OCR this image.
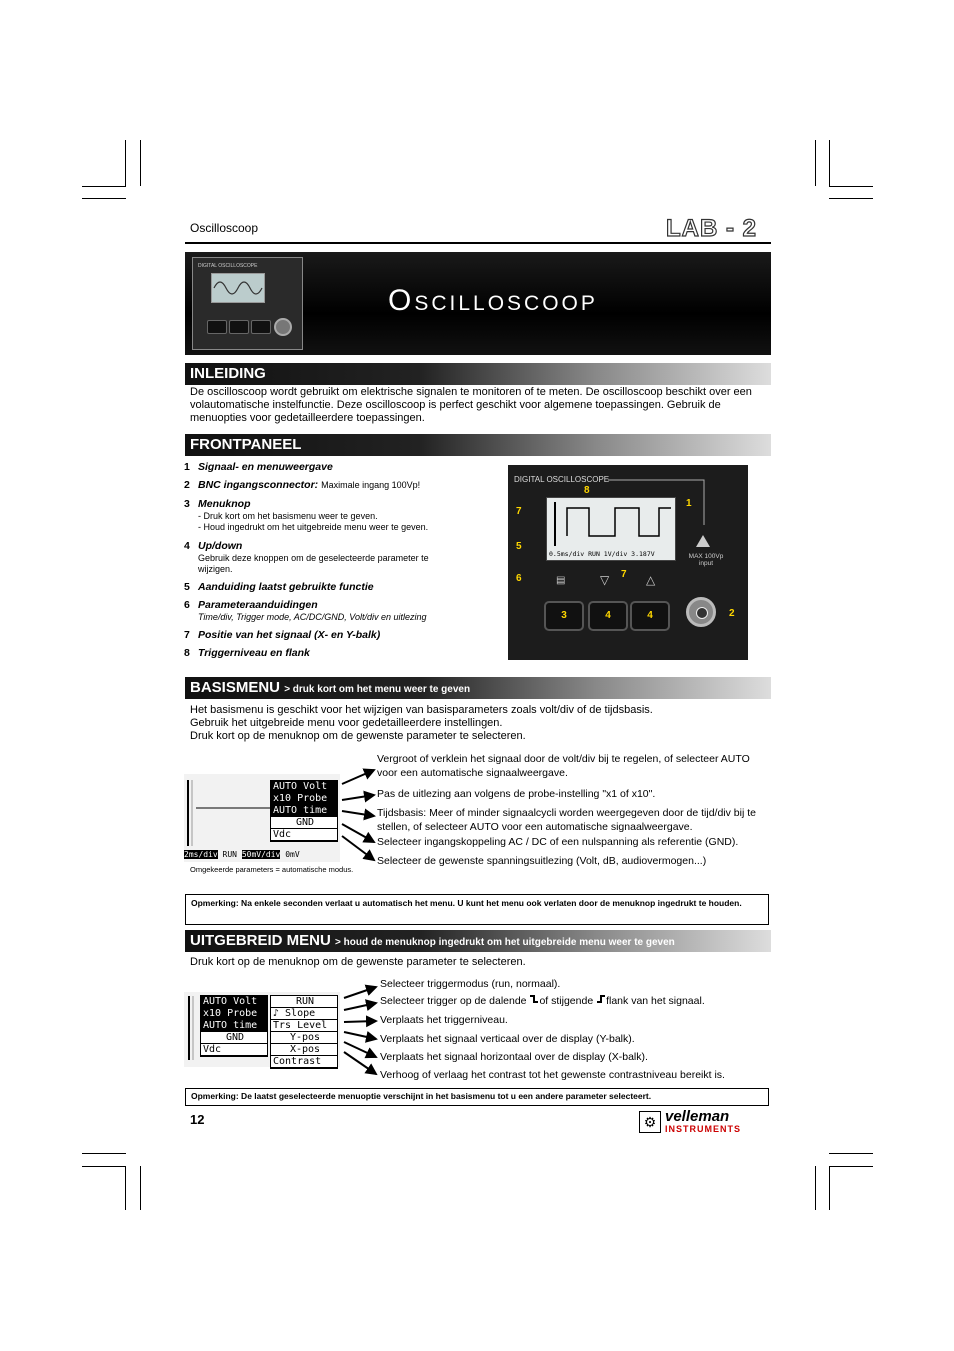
Oscilloscoop	LAB - 2
DIGITAL OSCILLOSCOPE
Oscilloscoop
INLEIDING
De oscilloscoop wordt gebruikt om elektrische signalen te monitoren of te meten. De oscilloscoop beschikt over een volautomatische instelfunctie. Deze oscilloscoop is perfect geschikt voor algemene toepassingen. Gebruik de menuopties voor gedetailleerdere toepassingen.
FRONTPANEEL
1 Signaal- en menuweergave
2 BNC ingangsconnector: Maximale ingang 100Vp!
3 Menuknop
- Druk kort om het basismenu weer te geven.
- Houd ingedrukt om het uitgebreide menu weer te geven.
4 Up/down
Gebruik deze knoppen om de geselecteerde parameter te wijzigen.
5 Aanduiding laatst gebruikte functie
6 Parameteraanduidingen
Time/div, Trigger mode, AC/DC/GND, Volt/div en uitlezing
7 Positie van het signaal (X- en Y-balk)
8 Triggerniveau en flank
DIGITAL OSCILLOSCOPE
0.5ms/div RUN 1V/div 3.187V	MAX 100Vp input
▤	▽	△
3	4	4
1
2
5
6
7
7
8
BASISMENU > druk kort om het menu weer te geven
Het basismenu is geschikt voor het wijzigen van basisparameters zoals volt/div of de tijdsbasis.
Gebruik het uitgebreide menu voor gedetailleerdere instellingen.
Druk kort op de menuknop om de gewenste parameter te selecteren.
AUTO Volt
x10 Probe
AUTO time
GND
Vdc
2ms/div RUN 50mV/div 0mV
Omgekeerde parameters = automatische modus.
Vergroot of verklein het signaal door de volt/div bij te regelen, of selecteer AUTO voor een automatische signaalweergave.
Pas de uitlezing aan volgens de probe-instelling "x1 of x10".
Tijdsbasis: Meer of minder signaalcycli worden weergegeven door de tijd/div bij te stellen, of selecteer AUTO voor een automatische signaalweergave.
Selecteer ingangskoppeling AC / DC of een nulspanning als referentie (GND).
Selecteer de gewenste spanningsuitlezing (Volt, dB, audiovermogen...)
Opmerking: Na enkele seconden verlaat u automatisch het menu. U kunt het menu ook verlaten door de menuknop ingedrukt te houden.
UITGEBREID MENU > houd de menuknop ingedrukt om het uitgebreide menu weer te geven
Druk kort op de menuknop om de gewenste parameter te selecteren.
AUTO Volt
x10 Probe
AUTO time
GND
Vdc
RUN
♪ Slope
Trs Level
Y-pos
X-pos
Contrast
Selecteer triggermodus (run, normaal).
Selecteer trigger op de dalende of stijgende flank van het signaal.
Verplaats het triggerniveau.
Verplaats het signaal verticaal over de display (Y-balk).
Verplaats het signaal horizontaal over de display (X-balk).
Verhoog of verlaag het contrast tot het gewenste contrastniveau bereikt is.
Opmerking: De laatst geselecteerde menuoptie verschijnt in het basismenu tot u een andere parameter selecteert.
12	⚙ velleman
INSTRUMENTS
